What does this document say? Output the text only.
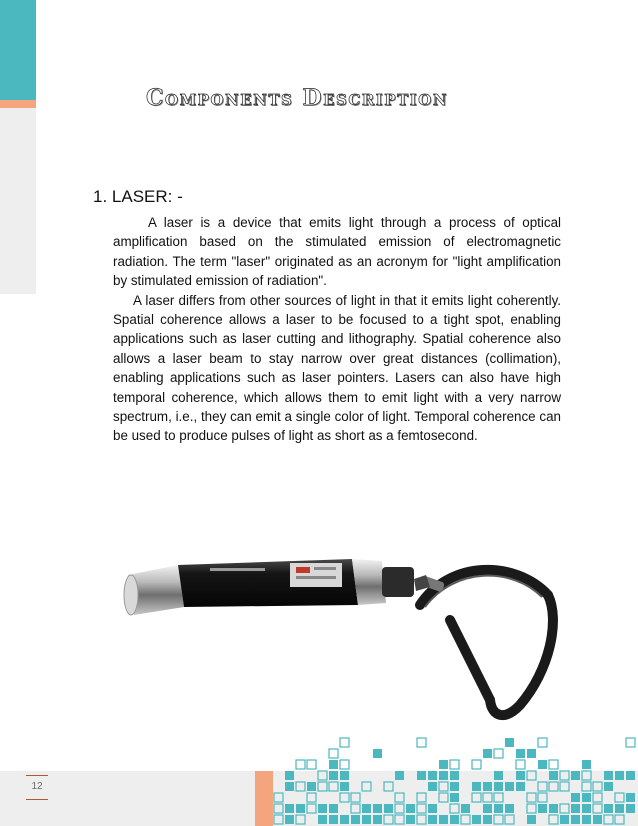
Components Description
1. LASER: -

A laser is a device that emits light through a process of optical amplification based on the stimulated emission of electromagnetic radiation. The term "laser" originated as an acronym for "light amplification by stimulated emission of radiation".

A laser differs from other sources of light in that it emits light coherently. Spatial coherence allows a laser to be focused to a tight spot, enabling applications such as laser cutting and lithography. Spatial coherence also allows a laser beam to stay narrow over great distances (collimation), enabling applications such as laser pointers. Lasers can also have high temporal coherence, which allows them to emit light with a very narrow spectrum, i.e., they can emit a single color of light. Temporal coherence can be used to produce pulses of light as short as a femtosecond.

12
